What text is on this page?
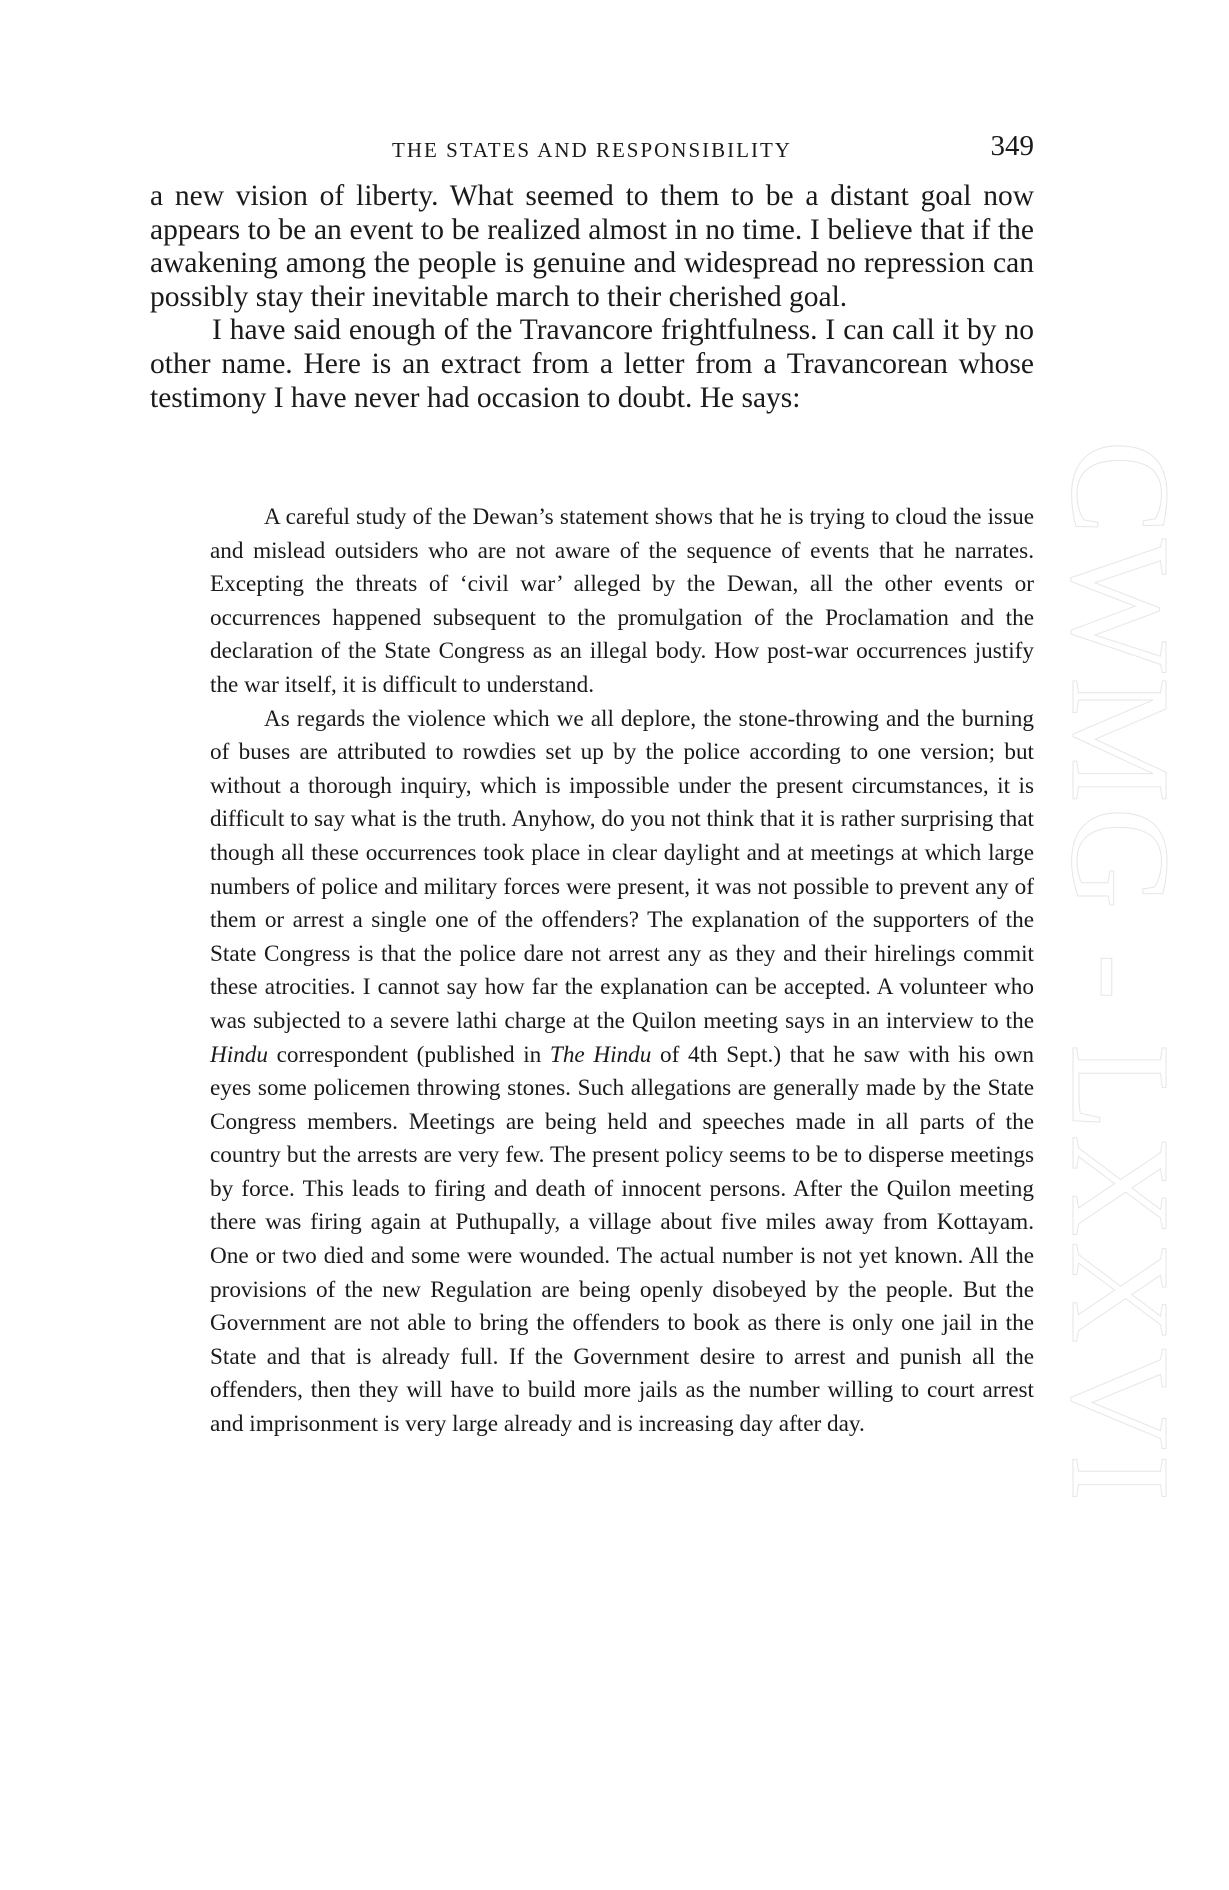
CWMG - LXXVI
THE STATES AND RESPONSIBILITY	349

a new vision of liberty. What seemed to them to be a distant goal now appears to be an event to be realized almost in no time. I believe that if the awakening among the people is genuine and widespread no repression can possibly stay their inevitable march to their cherished goal.

I have said enough of the Travancore frightfulness. I can call it by no other name. Here is an extract from a letter from a Travancorean whose testimony I have never had occasion to doubt. He says:

A careful study of the Dewan’s statement shows that he is trying to cloud the issue and mislead outsiders who are not aware of the sequence of events that he narrates. Excepting the threats of ‘civil war’ alleged by the Dewan, all the other events or occurrences happened subsequent to the promulgation of the Proclamation and the declaration of the State Congress as an illegal body. How post-war occurrences justify the war itself, it is difficult to understand.

As regards the violence which we all deplore, the stone-throwing and the burning of buses are attributed to rowdies set up by the police according to one version; but without a thorough inquiry, which is impossible under the present circumstances, it is difficult to say what is the truth. Anyhow, do you not think that it is rather surprising that though all these occurrences took place in clear daylight and at meetings at which large numbers of police and military forces were present, it was not possible to prevent any of them or arrest a single one of the offenders? The explanation of the supporters of the State Congress is that the police dare not arrest any as they and their hirelings commit these atrocities. I cannot say how far the explanation can be accepted. A volunteer who was subjected to a severe lathi charge at the Quilon meeting says in an interview to the Hindu correspondent (published in The Hindu of 4th Sept.) that he saw with his own eyes some policemen throwing stones. Such allegations are generally made by the State Congress members. Meetings are being held and speeches made in all parts of the country but the arrests are very few. The present policy seems to be to disperse meetings by force. This leads to firing and death of innocent persons. After the Quilon meeting there was firing again at Puthupally, a village about five miles away from Kottayam. One or two died and some were wounded. The actual number is not yet known. All the provisions of the new Regulation are being openly disobeyed by the people. But the Government are not able to bring the offenders to book as there is only one jail in the State and that is already full. If the Government desire to arrest and punish all the offenders, then they will have to build more jails as the number willing to court arrest and imprisonment is very large already and is increasing day after day.
